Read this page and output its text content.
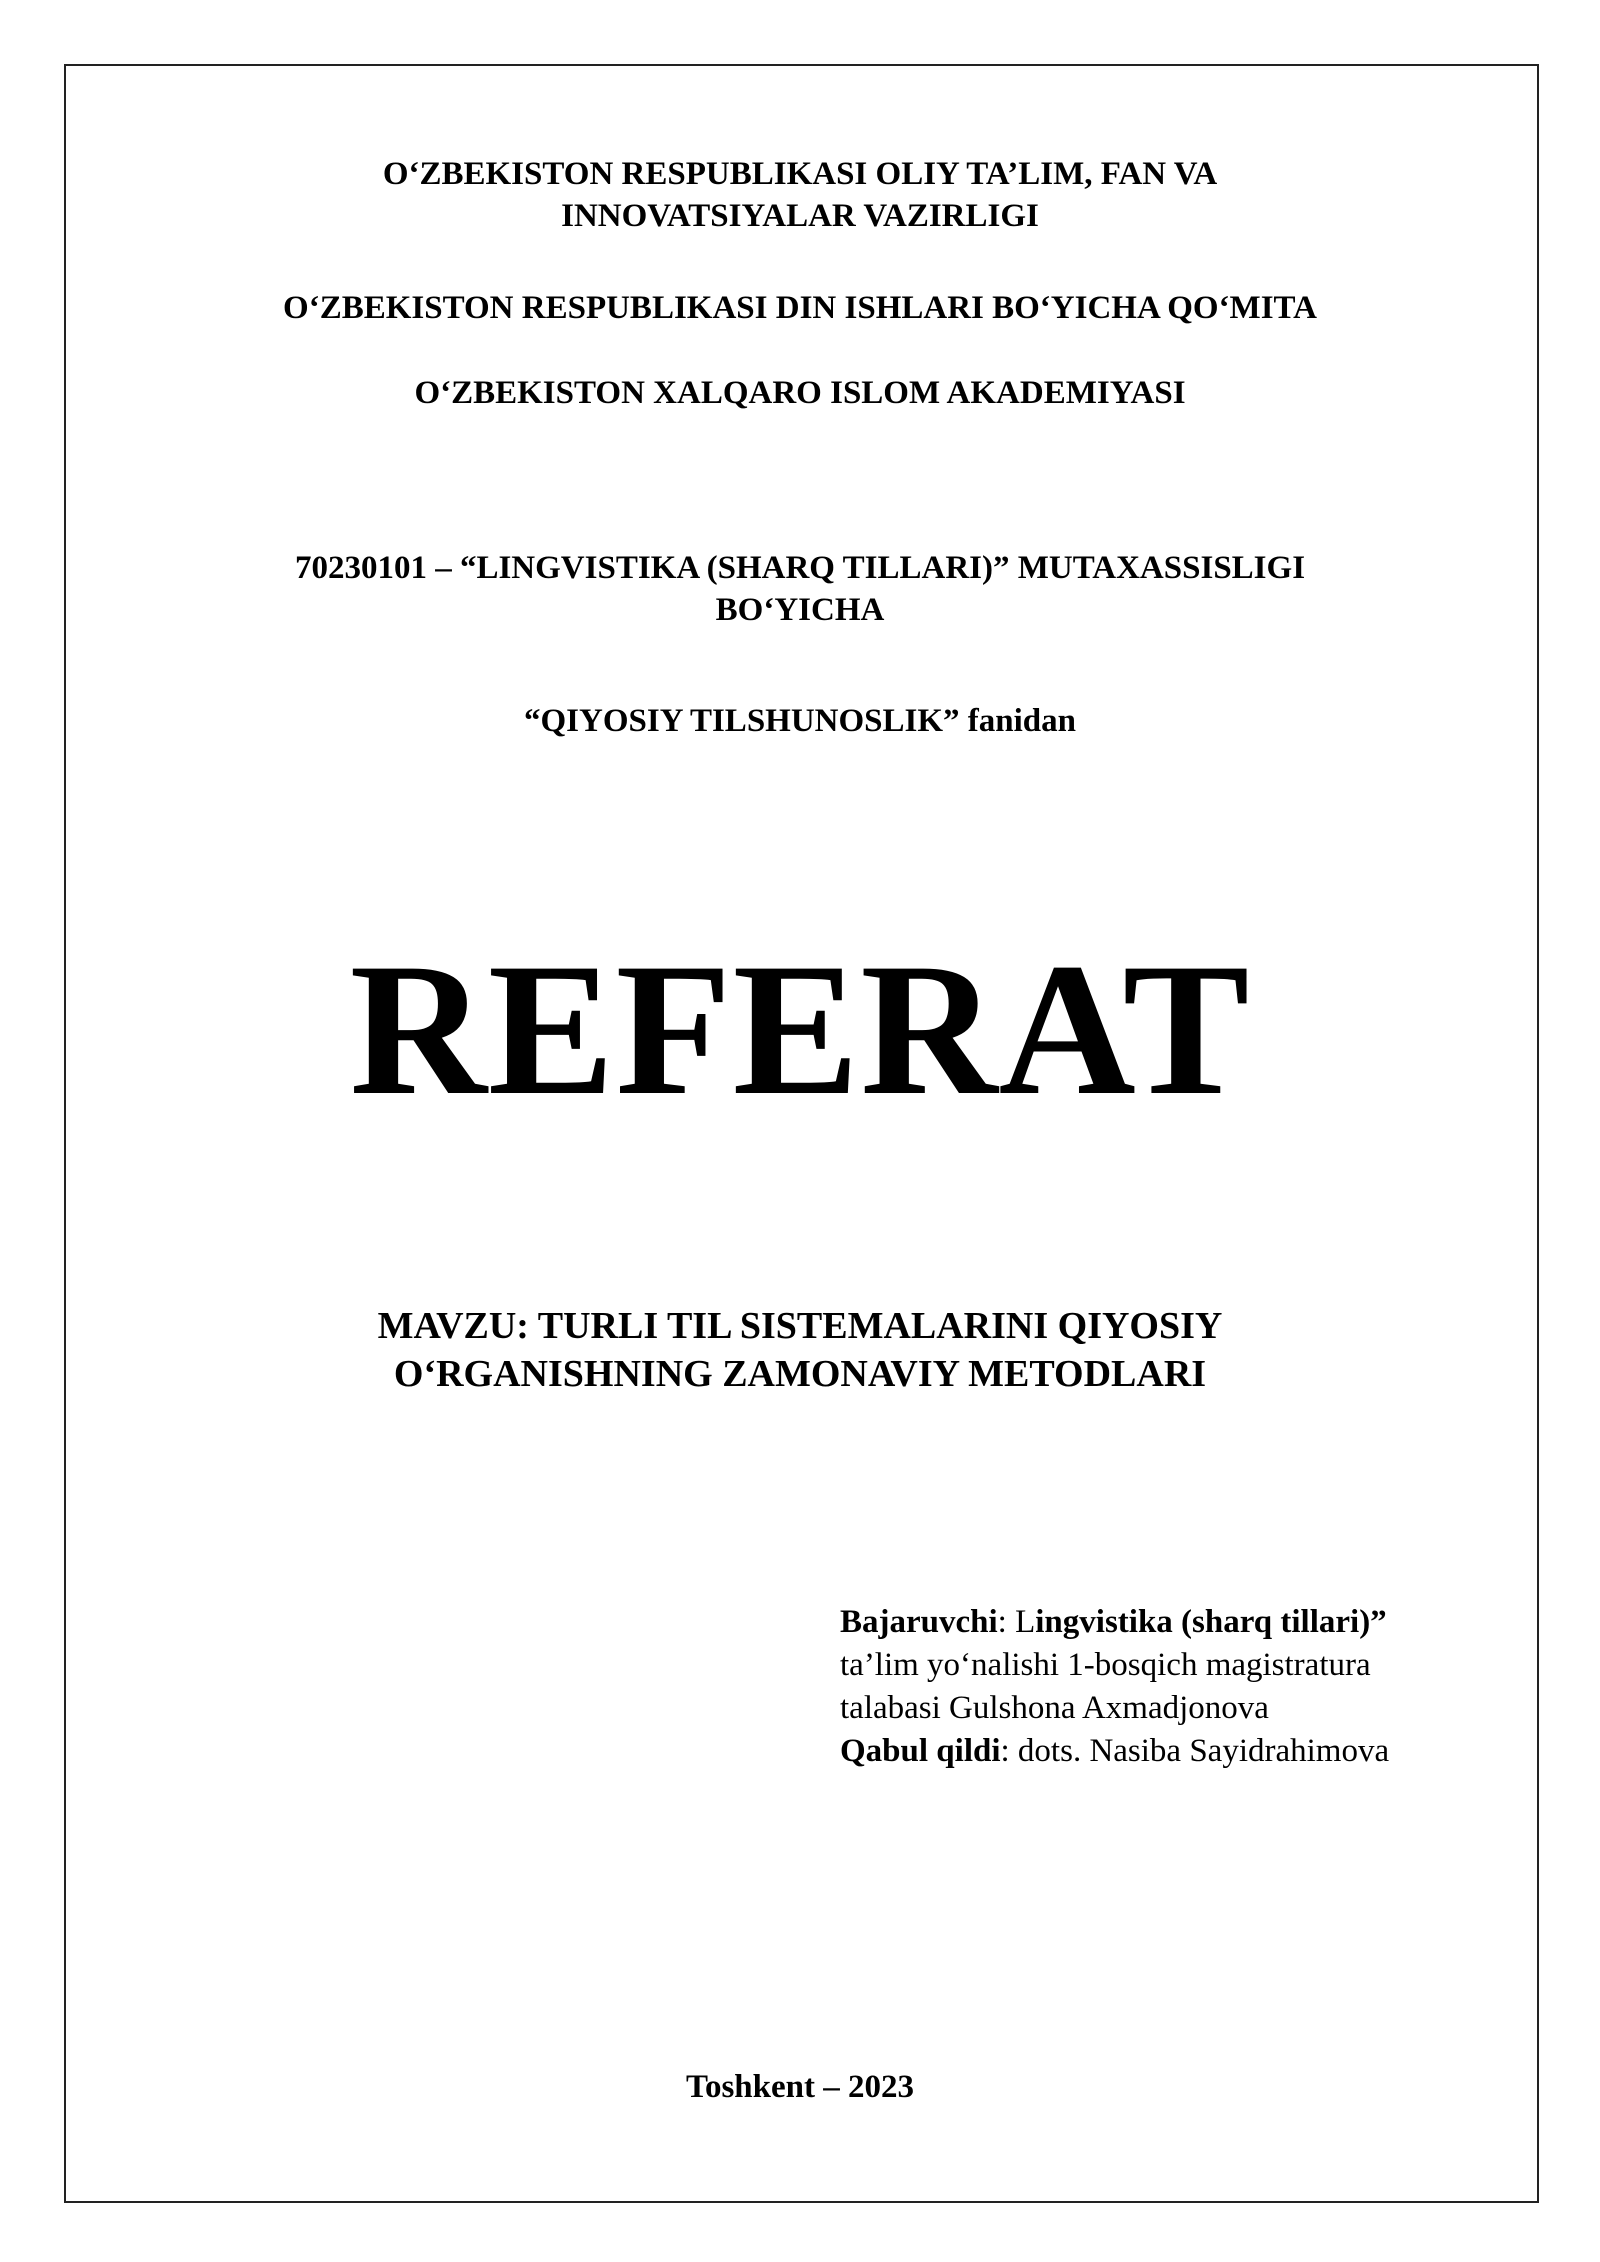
O‘ZBEKISTON RESPUBLIKASI OLIY TA’LIM, FAN VA
INNOVATSIYALAR VAZIRLIGI
O‘ZBEKISTON RESPUBLIKASI DIN ISHLARI BO‘YICHA QO‘MITA
O‘ZBEKISTON XALQARO ISLOM AKADEMIYASI
70230101 – “LINGVISTIKA (SHARQ TILLARI)” MUTAXASSISLIGI
BO‘YICHA
“QIYOSIY TILSHUNOSLIK” fanidan
REFERAT
MAVZU: TURLI TIL SISTEMALARINI QIYOSIY
O‘RGANISHNING ZAMONAVIY METODLARI
Bajaruvchi: Lingvistika (sharq tillari)”
ta’lim yo‘nalishi 1-bosqich magistratura
talabasi Gulshona Axmadjonova
Qabul qildi: dots. Nasiba Sayidrahimova
Toshkent – 2023
